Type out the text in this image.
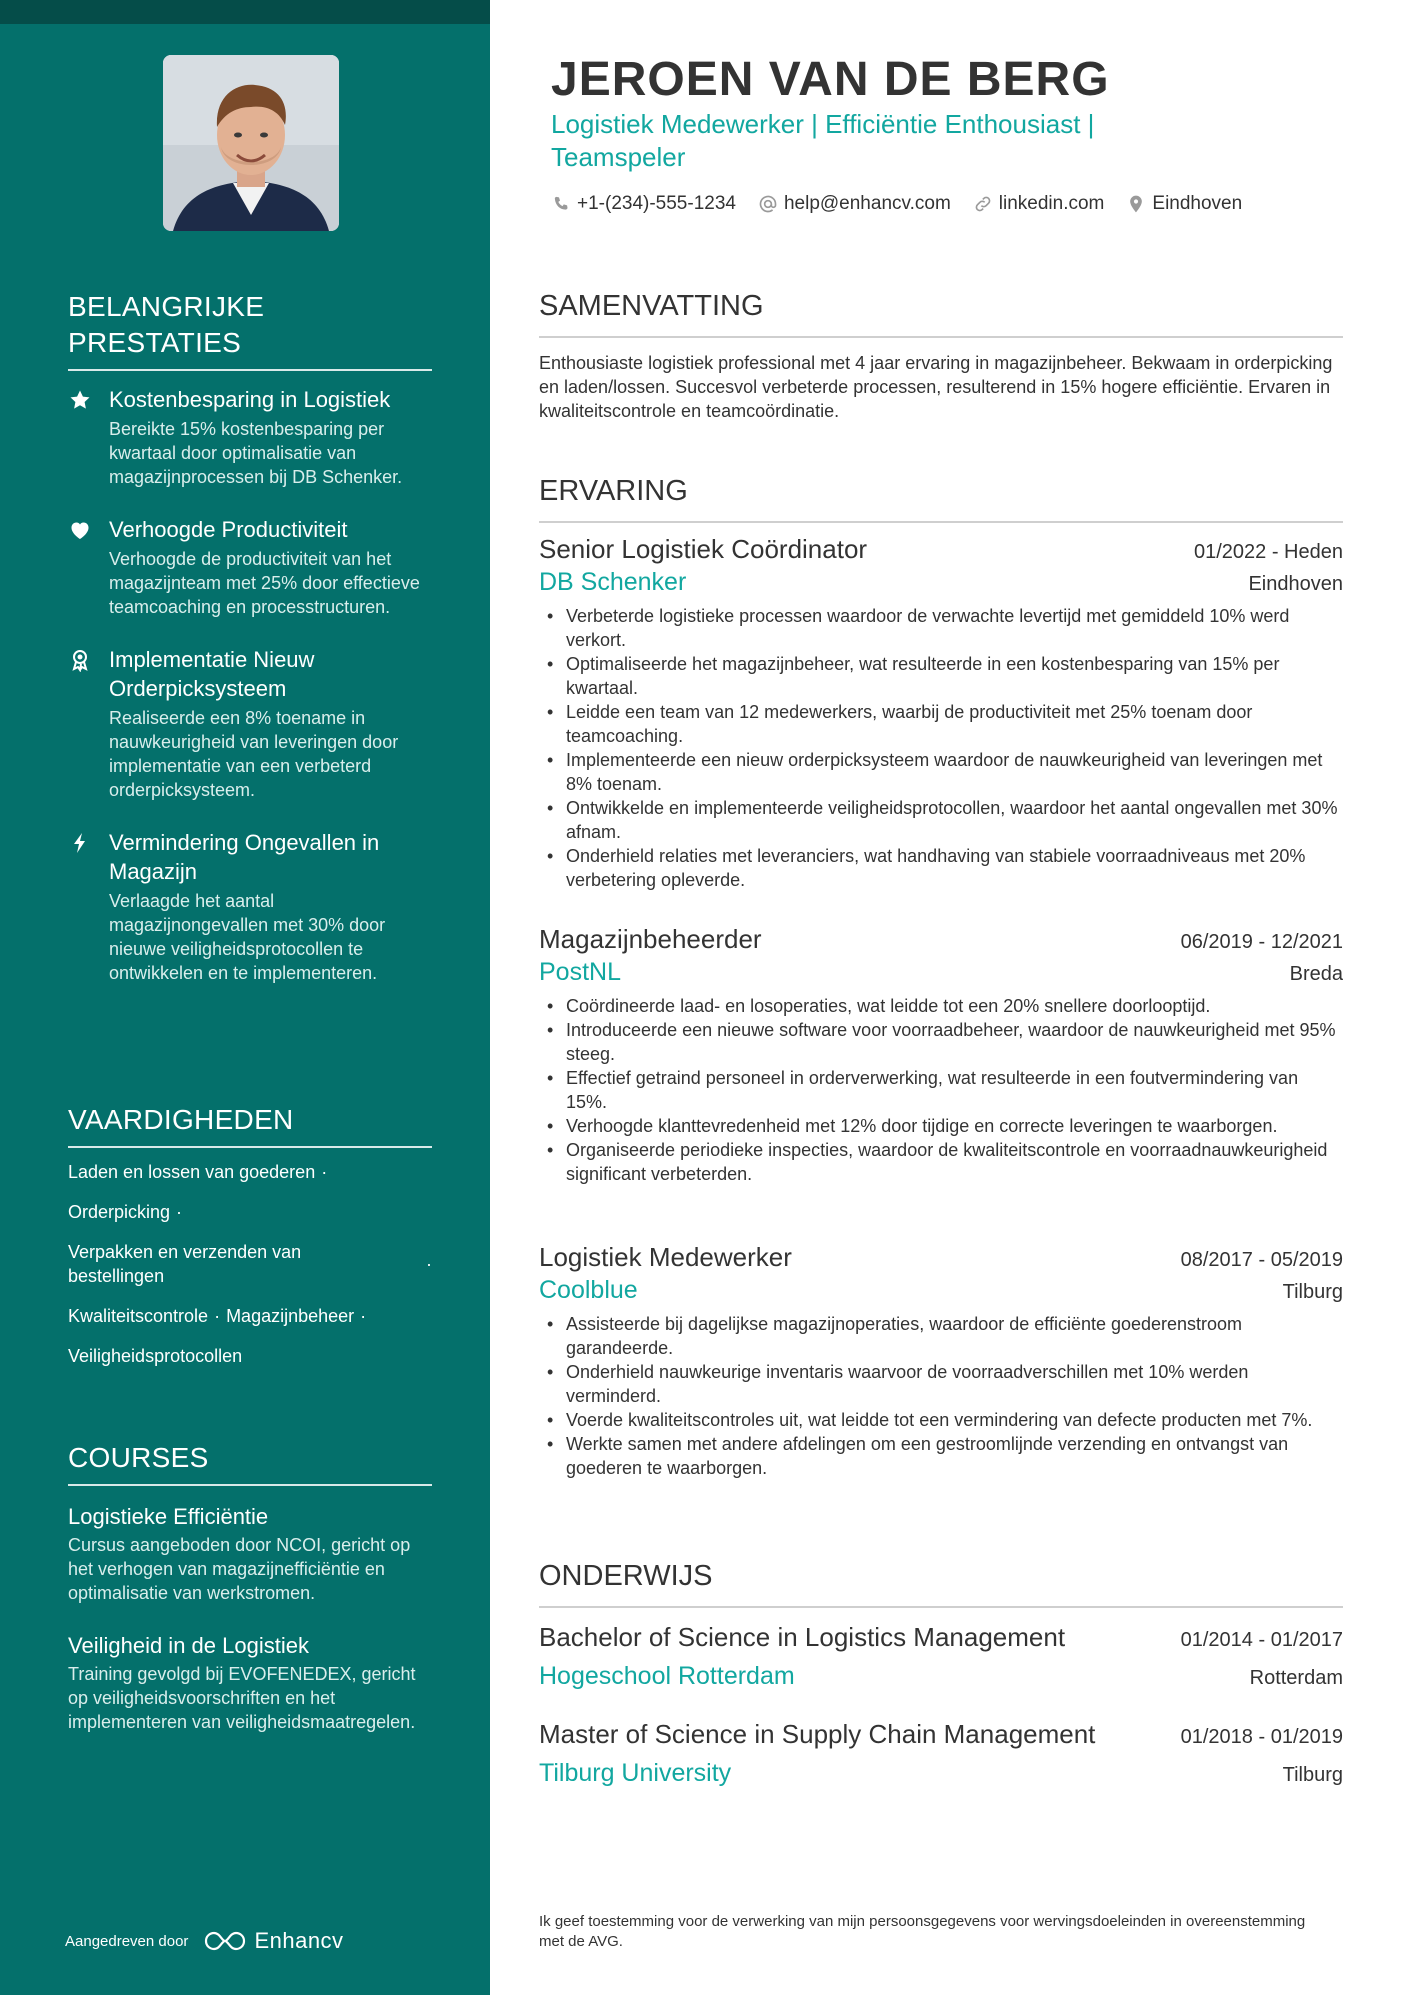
BELANGRIJKE PRESTATIES
Kostenbesparing in Logistiek
Bereikte 15% kostenbesparing per kwartaal door optimalisatie van magazijnprocessen bij DB Schenker.
Verhoogde Productiviteit
Verhoogde de productiviteit van het magazijnteam met 25% door effectieve teamcoaching en processtructuren.
Implementatie Nieuw Orderpicksysteem
Realiseerde een 8% toename in nauwkeurigheid van leveringen door implementatie van een verbeterd orderpicksysteem.
Vermindering Ongevallen in Magazijn
Verlaagde het aantal magazijnongevallen met 30% door nieuwe veiligheidsprotocollen te ontwikkelen en te implementeren.
VAARDIGHEDEN
Laden en lossen van goederen ·
Orderpicking ·
Verpakken en verzenden van bestellingen
·
Kwaliteitscontrole · Magazijnbeheer ·
Veiligheidsprotocollen
COURSES
Logistieke Efficiëntie
Cursus aangeboden door NCOI, gericht op het verhogen van magazijnefficiëntie en optimalisatie van werkstromen.
Veiligheid in de Logistiek
Training gevolgd bij EVOFENEDEX, gericht op veiligheidsvoorschriften en het implementeren van veiligheidsmaatregelen.
Aangedreven door	Enhancv
JEROEN VAN DE BERG
Logistiek Medewerker | Efficiëntie Enthousiast | Teamspeler
+1-(234)-555-1234	help@enhancv.com	linkedin.com	Eindhoven
SAMENVATTING
Enthousiaste logistiek professional met 4 jaar ervaring in magazijnbeheer. Bekwaam in orderpicking en laden/lossen. Succesvol verbeterde processen, resulterend in 15% hogere efficiëntie. Ervaren in kwaliteitscontrole en teamcoördinatie.
ERVARING
Senior Logistiek Coördinator	01/2022 - Heden
DB Schenker	Eindhoven
• Verbeterde logistieke processen waardoor de verwachte levertijd met gemiddeld 10% werd verkort.
• Optimaliseerde het magazijnbeheer, wat resulteerde in een kostenbesparing van 15% per kwartaal.
• Leidde een team van 12 medewerkers, waarbij de productiviteit met 25% toenam door teamcoaching.
• Implementeerde een nieuw orderpicksysteem waardoor de nauwkeurigheid van leveringen met 8% toenam.
• Ontwikkelde en implementeerde veiligheidsprotocollen, waardoor het aantal ongevallen met 30% afnam.
• Onderhield relaties met leveranciers, wat handhaving van stabiele voorraadniveaus met 20% verbetering opleverde.
Magazijnbeheerder	06/2019 - 12/2021
PostNL	Breda
• Coördineerde laad- en losoperaties, wat leidde tot een 20% snellere doorlooptijd.
• Introduceerde een nieuwe software voor voorraadbeheer, waardoor de nauwkeurigheid met 95% steeg.
• Effectief getraind personeel in orderverwerking, wat resulteerde in een foutvermindering van 15%.
• Verhoogde klanttevredenheid met 12% door tijdige en correcte leveringen te waarborgen.
• Organiseerde periodieke inspecties, waardoor de kwaliteitscontrole en voorraadnauwkeurigheid significant verbeterden.
Logistiek Medewerker	08/2017 - 05/2019
Coolblue	Tilburg
• Assisteerde bij dagelijkse magazijnoperaties, waardoor de efficiënte goederenstroom garandeerde.
• Onderhield nauwkeurige inventaris waarvoor de voorraadverschillen met 10% werden verminderd.
• Voerde kwaliteitscontroles uit, wat leidde tot een vermindering van defecte producten met 7%.
• Werkte samen met andere afdelingen om een gestroomlijnde verzending en ontvangst van goederen te waarborgen.
ONDERWIJS
Bachelor of Science in Logistics Management	01/2014 - 01/2017
Hogeschool Rotterdam	Rotterdam
Master of Science in Supply Chain Management	01/2018 - 01/2019
Tilburg University	Tilburg
Ik geef toestemming voor de verwerking van mijn persoonsgegevens voor wervingsdoeleinden in overeenstemming met de AVG.
